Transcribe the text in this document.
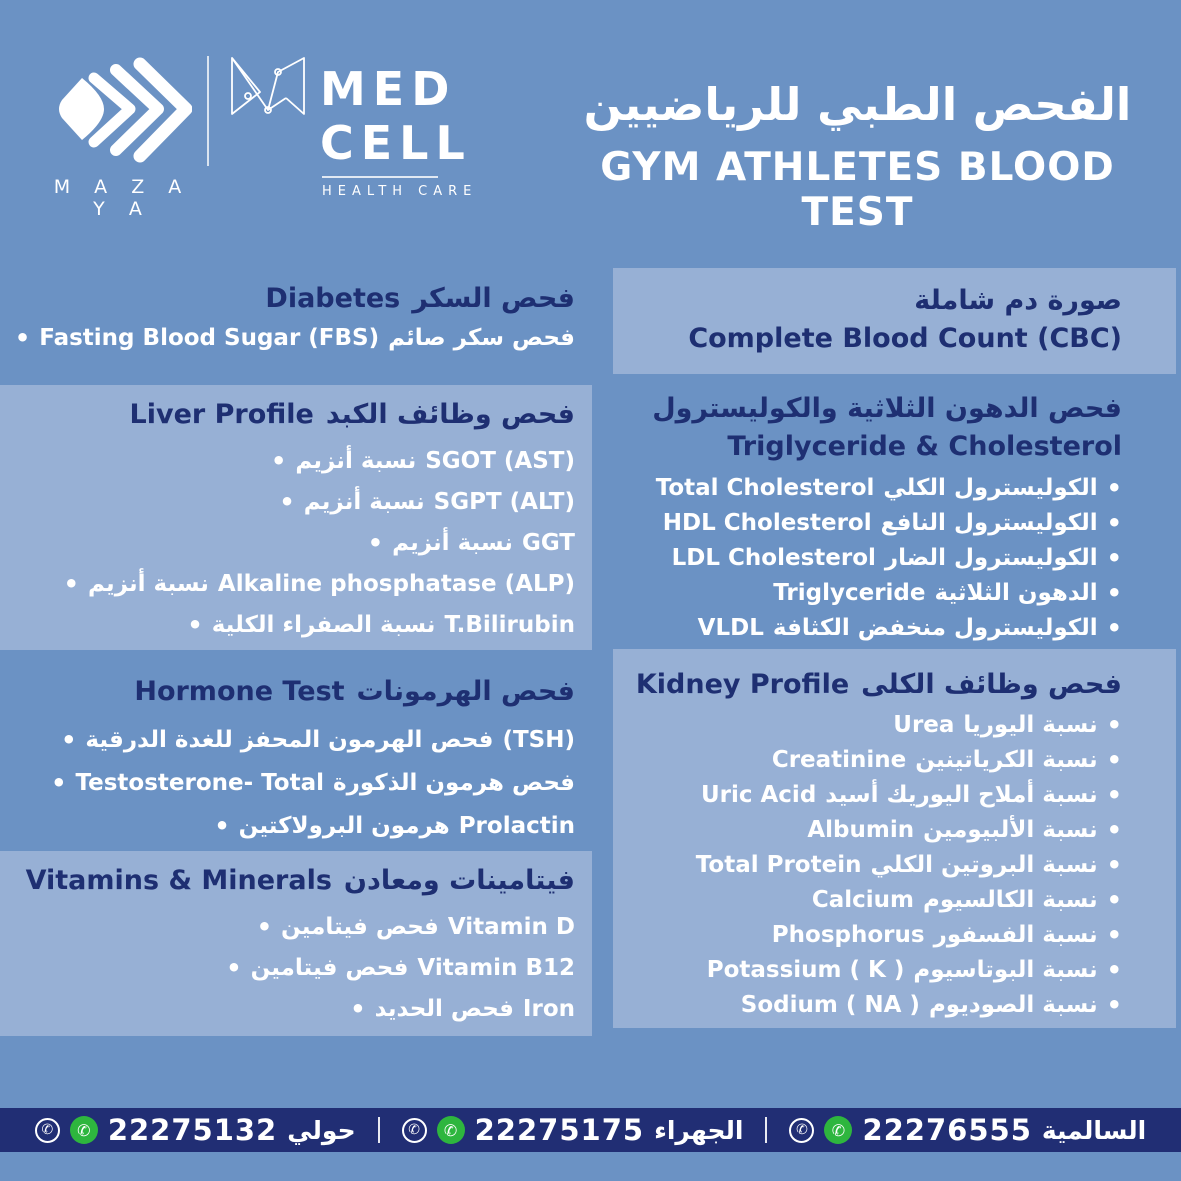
M A Z A Y A
MED
CELL
HEALTH CARE
الفحص الطبي للرياضيين
GYM ATHLETES BLOOD TEST
Diabetes فحص السكر
• Fasting Blood Sugar (FBS) فحص سكر صائم
Liver Profile فحص وظائف الكبد
• نسبة أنزيم SGOT (AST)
• نسبة أنزيم SGPT (ALT)
• نسبة أنزيم GGT
• نسبة أنزيم Alkaline phosphatase (ALP)
• نسبة الصفراء الكلية T.Bilirubin
Hormone Test فحص الهرمونات
• فحص الهرمون المحفز للغدة الدرقية (TSH)
• Testosterone- Total فحص هرمون الذكورة
• هرمون البرولاكتين Prolactin
Vitamins & Minerals فيتامينات ومعادن
• فحص فيتامين Vitamin D
• فحص فيتامين Vitamin B12
• فحص الحديد Iron
صورة دم شاملة
Complete Blood Count (CBC)
فحص الدهون الثلاثية والكوليسترول
Triglyceride & Cholesterol
Total Cholesterol الكوليسترول الكلي •
HDL Cholesterol الكوليسترول النافع •
LDL Cholesterol الكوليسترول الضار •
Triglyceride الدهون الثلاثية •
VLDL الكوليسترول منخفض الكثافة •
Kidney Profile فحص وظائف الكلى
Urea نسبة اليوريا •
Creatinine نسبة الكرياتينين •
Uric Acid نسبة أملاح اليوريك أسيد •
Albumin نسبة الألبيومين •
Total Protein نسبة البروتين الكلي •
Calcium نسبة الكالسيوم •
Phosphorus نسبة الفسفور •
Potassium ( K ) نسبة البوتاسيوم •
Sodium ( NA ) نسبة الصوديوم •
✆	✆ 22275132 حولي	✆	✆ 22275175 الجهراء	✆	✆ 22276555 السالمية
